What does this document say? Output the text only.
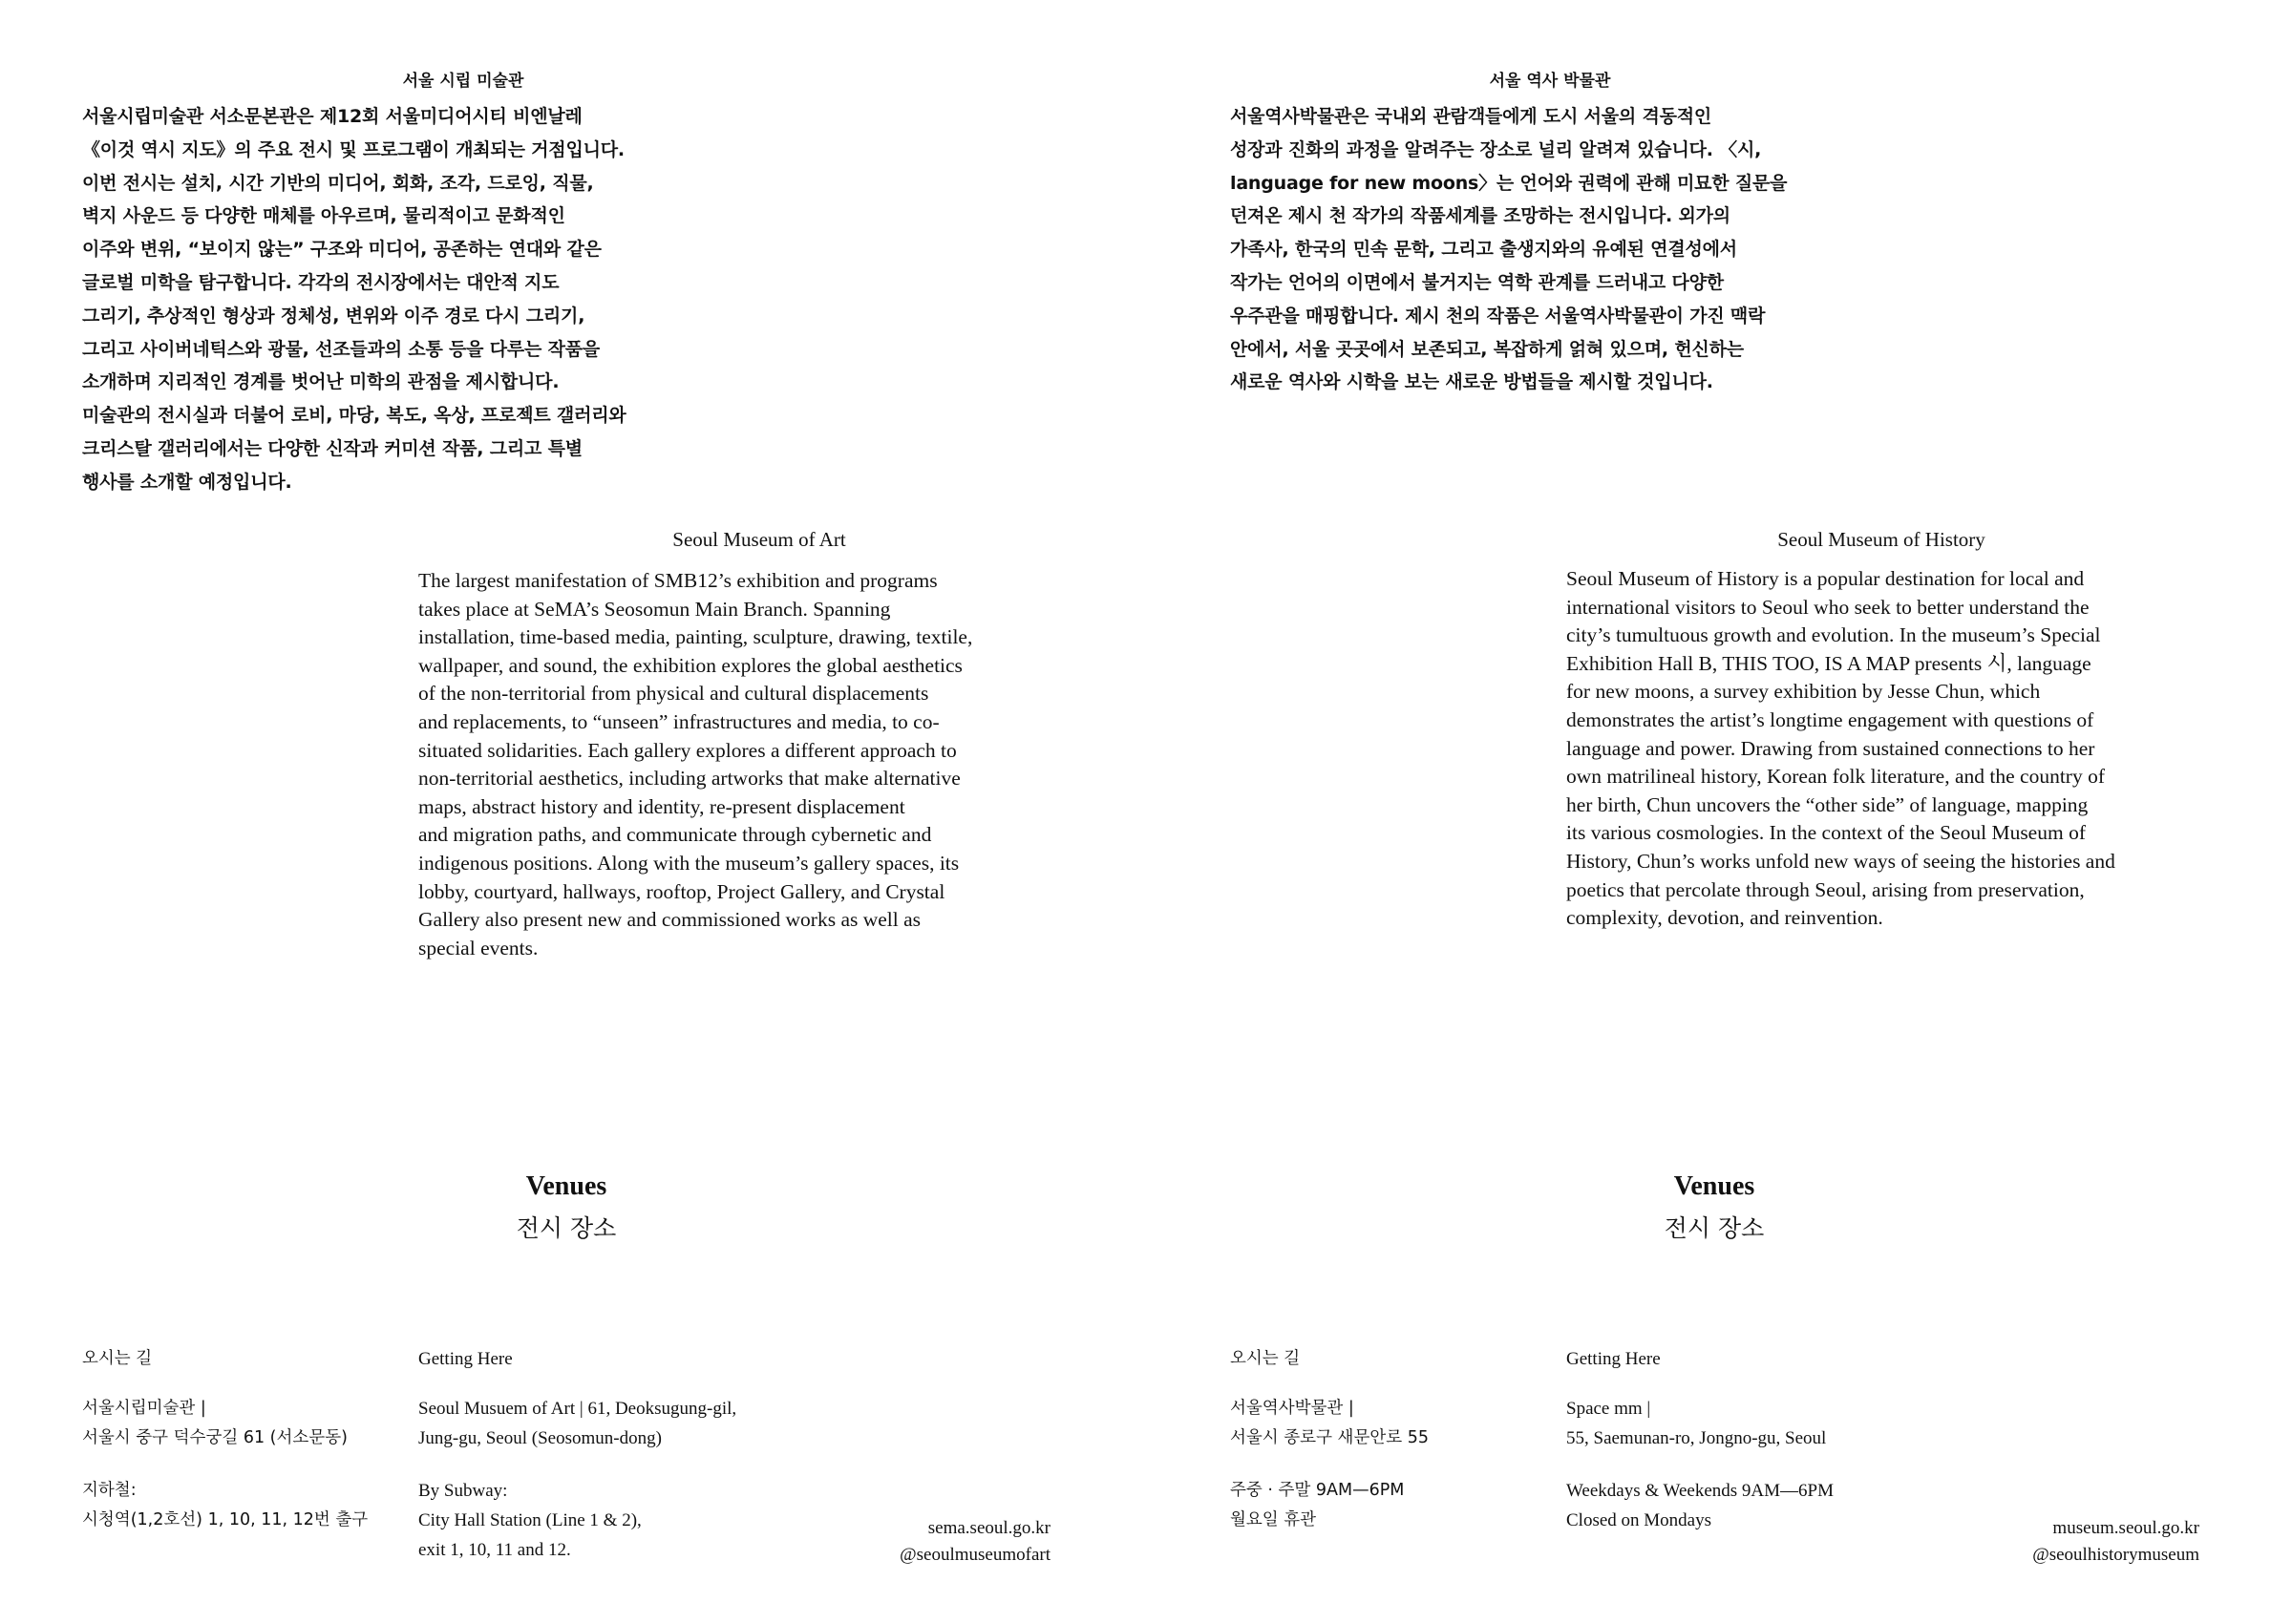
서울 시립 미술관
서울시립미술관 서소문본관은 제12회 서울미디어시티 비엔날레
《이것 역시 지도》의 주요 전시 및 프로그램이 개최되는 거점입니다.
이번 전시는 설치, 시간 기반의 미디어, 회화, 조각, 드로잉, 직물,
벽지 사운드 등 다양한 매체를 아우르며, 물리적이고 문화적인
이주와 변위, “보이지 않는” 구조와 미디어, 공존하는 연대와 같은
글로벌 미학을 탐구합니다. 각각의 전시장에서는 대안적 지도
그리기, 추상적인 형상과 정체성, 변위와 이주 경로 다시 그리기,
그리고 사이버네틱스와 광물, 선조들과의 소통 등을 다루는 작품을
소개하며 지리적인 경계를 벗어난 미학의 관점을 제시합니다.
미술관의 전시실과 더불어 로비, 마당, 복도, 옥상, 프로젝트 갤러리와
크리스탈 갤러리에서는 다양한 신작과 커미션 작품, 그리고 특별
행사를 소개할 예정입니다.
Seoul Museum of Art
The largest manifestation of SMB12’s exhibition and programs
takes place at SeMA’s Seosomun Main Branch. Spanning
installation, time-based media, painting, sculpture, drawing, textile,
wallpaper, and sound, the exhibition explores the global aesthetics
of the non-territorial from physical and cultural displacements
and replacements, to “unseen” infrastructures and media, to co-
situated solidarities. Each gallery explores a different approach to
non-territorial aesthetics, including artworks that make alternative
maps, abstract history and identity, re-present displacement
and migration paths, and communicate through cybernetic and
indigenous positions. Along with the museum’s gallery spaces, its
lobby, courtyard, hallways, rooftop, Project Gallery, and Crystal
Gallery also present new and commissioned works as well as
special events.
Venues
전시 장소
오시는 길	Getting Here
서울시립미술관 |
서울시 중구 덕수궁길 61 (서소문동)
Seoul Musuem of Art | 61, Deoksugung-gil,
Jung-gu, Seoul (Seosomun-dong)
지하철:
시청역(1,2호선) 1, 10, 11, 12번 출구
By Subway:
City Hall Station (Line 1 & 2),
exit 1, 10, 11 and 12.
sema.seoul.go.kr
@seoulmuseumofart
서울 역사 박물관
서울역사박물관은 국내외 관람객들에게 도시 서울의 격동적인
성장과 진화의 과정을 알려주는 장소로 널리 알려져 있습니다. 〈시,
language for new moons〉는 언어와 권력에 관해 미묘한 질문을
던져온 제시 천 작가의 작품세계를 조망하는 전시입니다. 외가의
가족사, 한국의 민속 문학, 그리고 출생지와의 유예된 연결성에서
작가는 언어의 이면에서 불거지는 역학 관계를 드러내고 다양한
우주관을 매핑합니다. 제시 천의 작품은 서울역사박물관이 가진 맥락
안에서, 서울 곳곳에서 보존되고, 복잡하게 얽혀 있으며, 헌신하는
새로운 역사와 시학을 보는 새로운 방법들을 제시할 것입니다.
Seoul Museum of History
Seoul Museum of History is a popular destination for local and
international visitors to Seoul who seek to better understand the
city’s tumultuous growth and evolution. In the museum’s Special
Exhibition Hall B, THIS TOO, IS A MAP presents 시, language
for new moons, a survey exhibition by Jesse Chun, which
demonstrates the artist’s longtime engagement with questions of
language and power. Drawing from sustained connections to her
own matrilineal history, Korean folk literature, and the country of
her birth, Chun uncovers the “other side” of language, mapping
its various cosmologies. In the context of the Seoul Museum of
History, Chun’s works unfold new ways of seeing the histories and
poetics that percolate through Seoul, arising from preservation,
complexity, devotion, and reinvention.
Venues
전시 장소
오시는 길	Getting Here
서울역사박물관 |
서울시 종로구 새문안로 55
Space mm |
55, Saemunan-ro, Jongno-gu, Seoul
주중 · 주말 9AM—6PM
월요일 휴관
Weekdays & Weekends 9AM—6PM
Closed on Mondays	museum.seoul.go.kr
@seoulhistorymuseum
